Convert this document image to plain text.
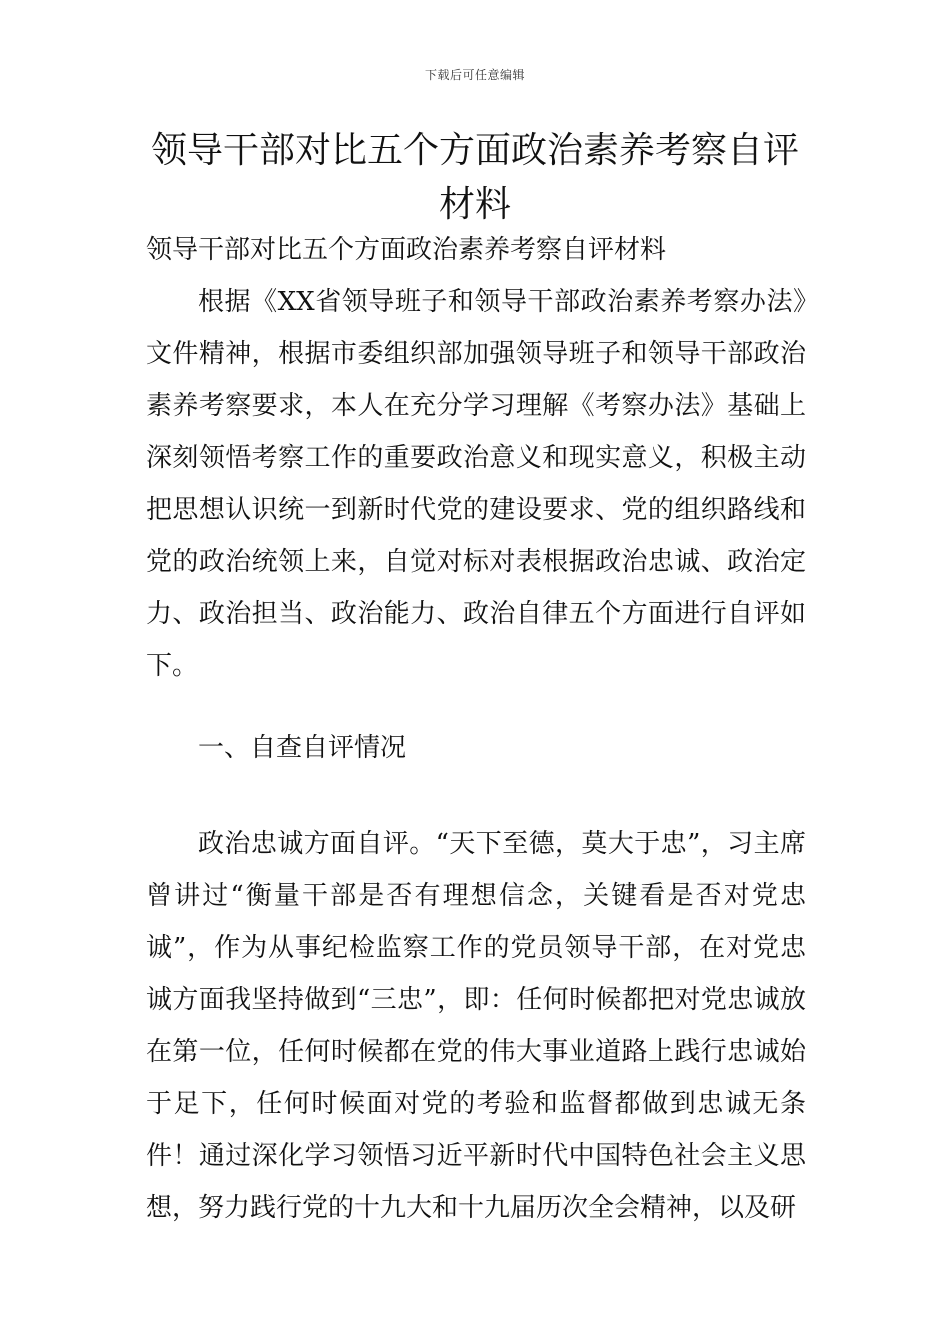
下载后可任意编辑
领导干部对比五个方面政治素养考察自评材料
领导干部对比五个方面政治素养考察自评材料

根据《XX省领导班子和领导干部政治素养考察办法》文件精神，根据市委组织部加强领导班子和领导干部政治素养考察要求，本人在充分学习理解《考察办法》基础上深刻领悟考察工作的重要政治意义和现实意义，积极主动把思想认识统一到新时代党的建设要求、党的组织路线和党的政治统领上来，自觉对标对表根据政治忠诚、政治定力、政治担当、政治能力、政治自律五个方面进行自评如下。

一、自查自评情况

政治忠诚方面自评。“天下至德，莫大于忠”，习主席曾讲过“衡量干部是否有理想信念，关键看是否对党忠诚”，作为从事纪检监察工作的党员领导干部，在对党忠诚方面我坚持做到“三忠”，即：任何时候都把对党忠诚放在第一位，任何时候都在党的伟大事业道路上践行忠诚始于足下，任何时候面对党的考验和监督都做到忠诚无条件！通过深化学习领悟习近平新时代中国特色社会主义思想，努力践行党的十九大和十九届历次全会精神，以及研
